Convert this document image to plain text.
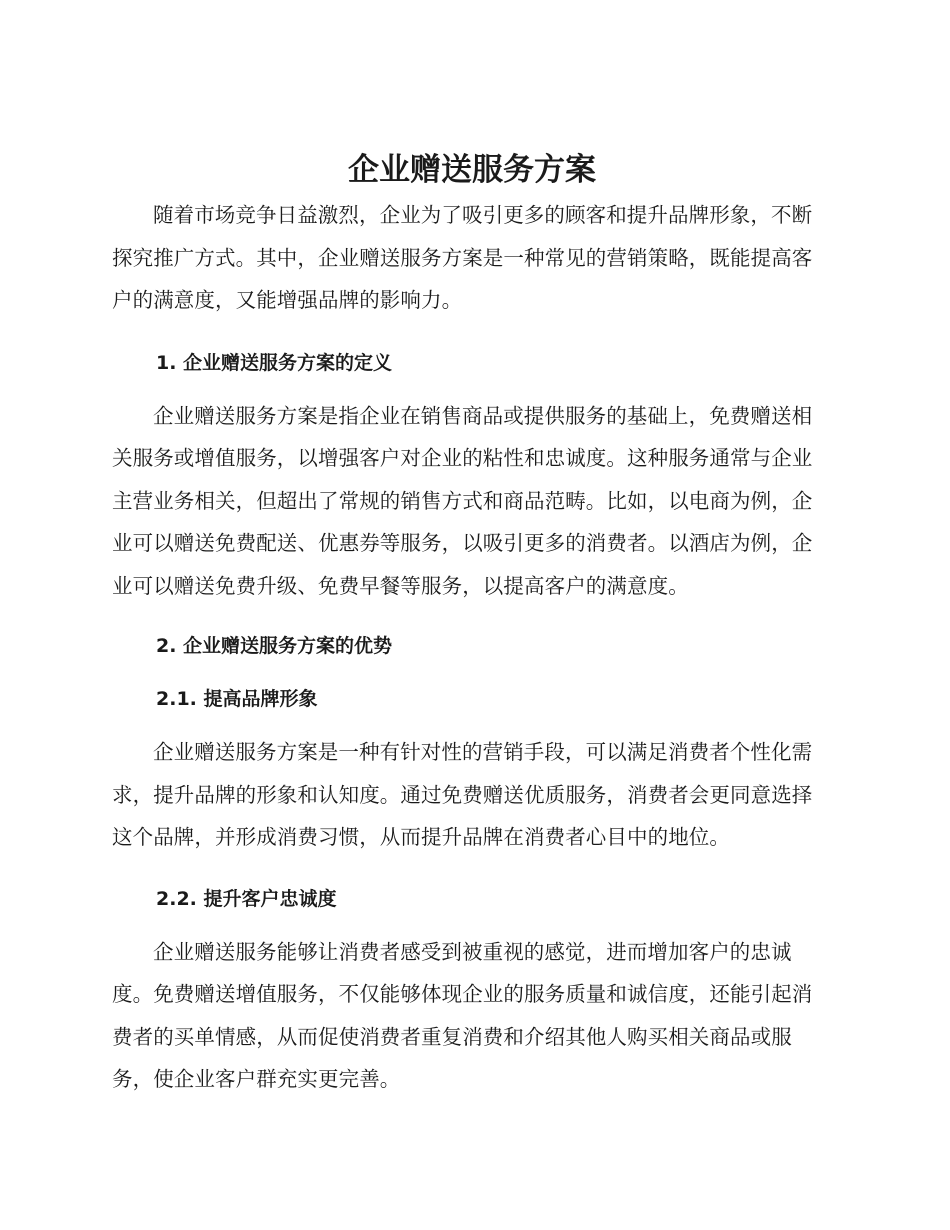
企业赠送服务方案

随着市场竞争日益激烈，企业为了吸引更多的顾客和提升品牌形象，不断探究推广方式。其中，企业赠送服务方案是一种常见的营销策略，既能提高客户的满意度，又能增强品牌的影响力。

1. 企业赠送服务方案的定义

企业赠送服务方案是指企业在销售商品或提供服务的基础上，免费赠送相关服务或增值服务，以增强客户对企业的粘性和忠诚度。这种服务通常与企业主营业务相关，但超出了常规的销售方式和商品范畴。比如，以电商为例，企业可以赠送免费配送、优惠券等服务，以吸引更多的消费者。以酒店为例，企业可以赠送免费升级、免费早餐等服务，以提高客户的满意度。

2. 企业赠送服务方案的优势
2.1. 提高品牌形象

企业赠送服务方案是一种有针对性的营销手段，可以满足消费者个性化需求，提升品牌的形象和认知度。通过免费赠送优质服务，消费者会更同意选择这个品牌，并形成消费习惯，从而提升品牌在消费者心目中的地位。

2.2. 提升客户忠诚度

企业赠送服务能够让消费者感受到被重视的感觉，进而增加客户的忠诚度。免费赠送增值服务，不仅能够体现企业的服务质量和诚信度，还能引起消费者的买单情感，从而促使消费者重复消费和介绍其他人购买相关商品或服务，使企业客户群充实更完善。
